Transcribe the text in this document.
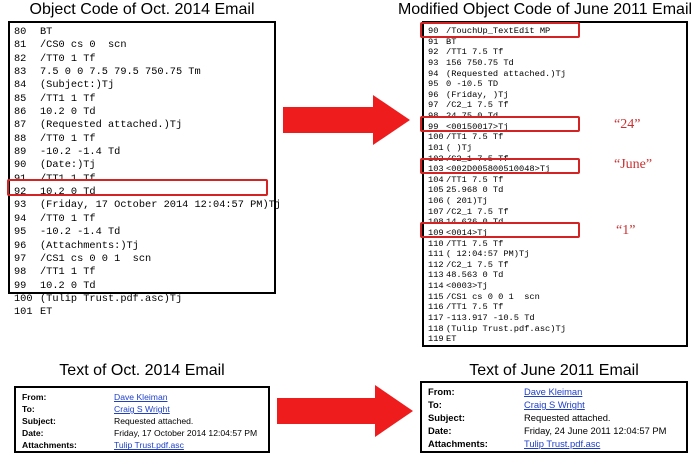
Object Code of Oct. 2014 Email	Modified Object Code of June 2011 Email
80 BT
81 /CS0 cs 0  scn
82 /TT0 1 Tf
83 7.5 0 0 7.5 79.5 750.75 Tm
84 (Subject:)Tj
85 /TT1 1 Tf
86 10.2 0 Td
87 (Requested attached.)Tj
88 /TT0 1 Tf
89 -10.2 -1.4 Td
90 (Date:)Tj
91 /TT1 1 Tf
92 10.2 0 Td
93 (Friday, 17 October 2014 12:04:57 PM)Tj
94 /TT0 1 Tf
95 -10.2 -1.4 Td
96 (Attachments:)Tj
97 /CS1 cs 0 0 1  scn
98 /TT1 1 Tf
99 10.2 0 Td
100 (Tulip Trust.pdf.asc)Tj
101 ET
90 /TouchUp_TextEdit MP
91 BT
92 /TT1 7.5 Tf
93 156 750.75 Td
94 (Requested attached.)Tj
95 0 -10.5 TD
96 (Friday, )Tj
97 /C2_1 7.5 Tf
98 24.75 0 Td
99 <00150017>Tj
100 /TT1 7.5 Tf
101 ( )Tj
102 /C2_1 7.5 Tf
103 <002D005800510048>Tj
104 /TT1 7.5 Tf
105 25.968 0 Td
106 ( 201)Tj
107 /C2_1 7.5 Tf
108 14.626 0 Td
109 <0014>Tj
110 /TT1 7.5 Tf
111 ( 12:04:57 PM)Tj
112 /C2_1 7.5 Tf
113 48.563 0 Td
114 <0003>Tj
115 /CS1 cs 0 0 1  scn
116 /TT1 7.5 Tf
117 -113.917 -10.5 Td
118 (Tulip Trust.pdf.asc)Tj
119 ET
“24”
“June”
“1”
Text of Oct. 2014 Email	Text of June 2011 Email
From:	Dave Kleiman
To:	Craig S Wright
Subject:	Requested attached.
Date:	Friday, 17 October 2014 12:04:57 PM
Attachments:	Tulip Trust.pdf.asc
From:	Dave Kleiman
To:	Craig S Wright
Subject:	Requested attached.
Date:	Friday, 24 June 2011 12:04:57 PM
Attachments:	Tulip Trust.pdf.asc
